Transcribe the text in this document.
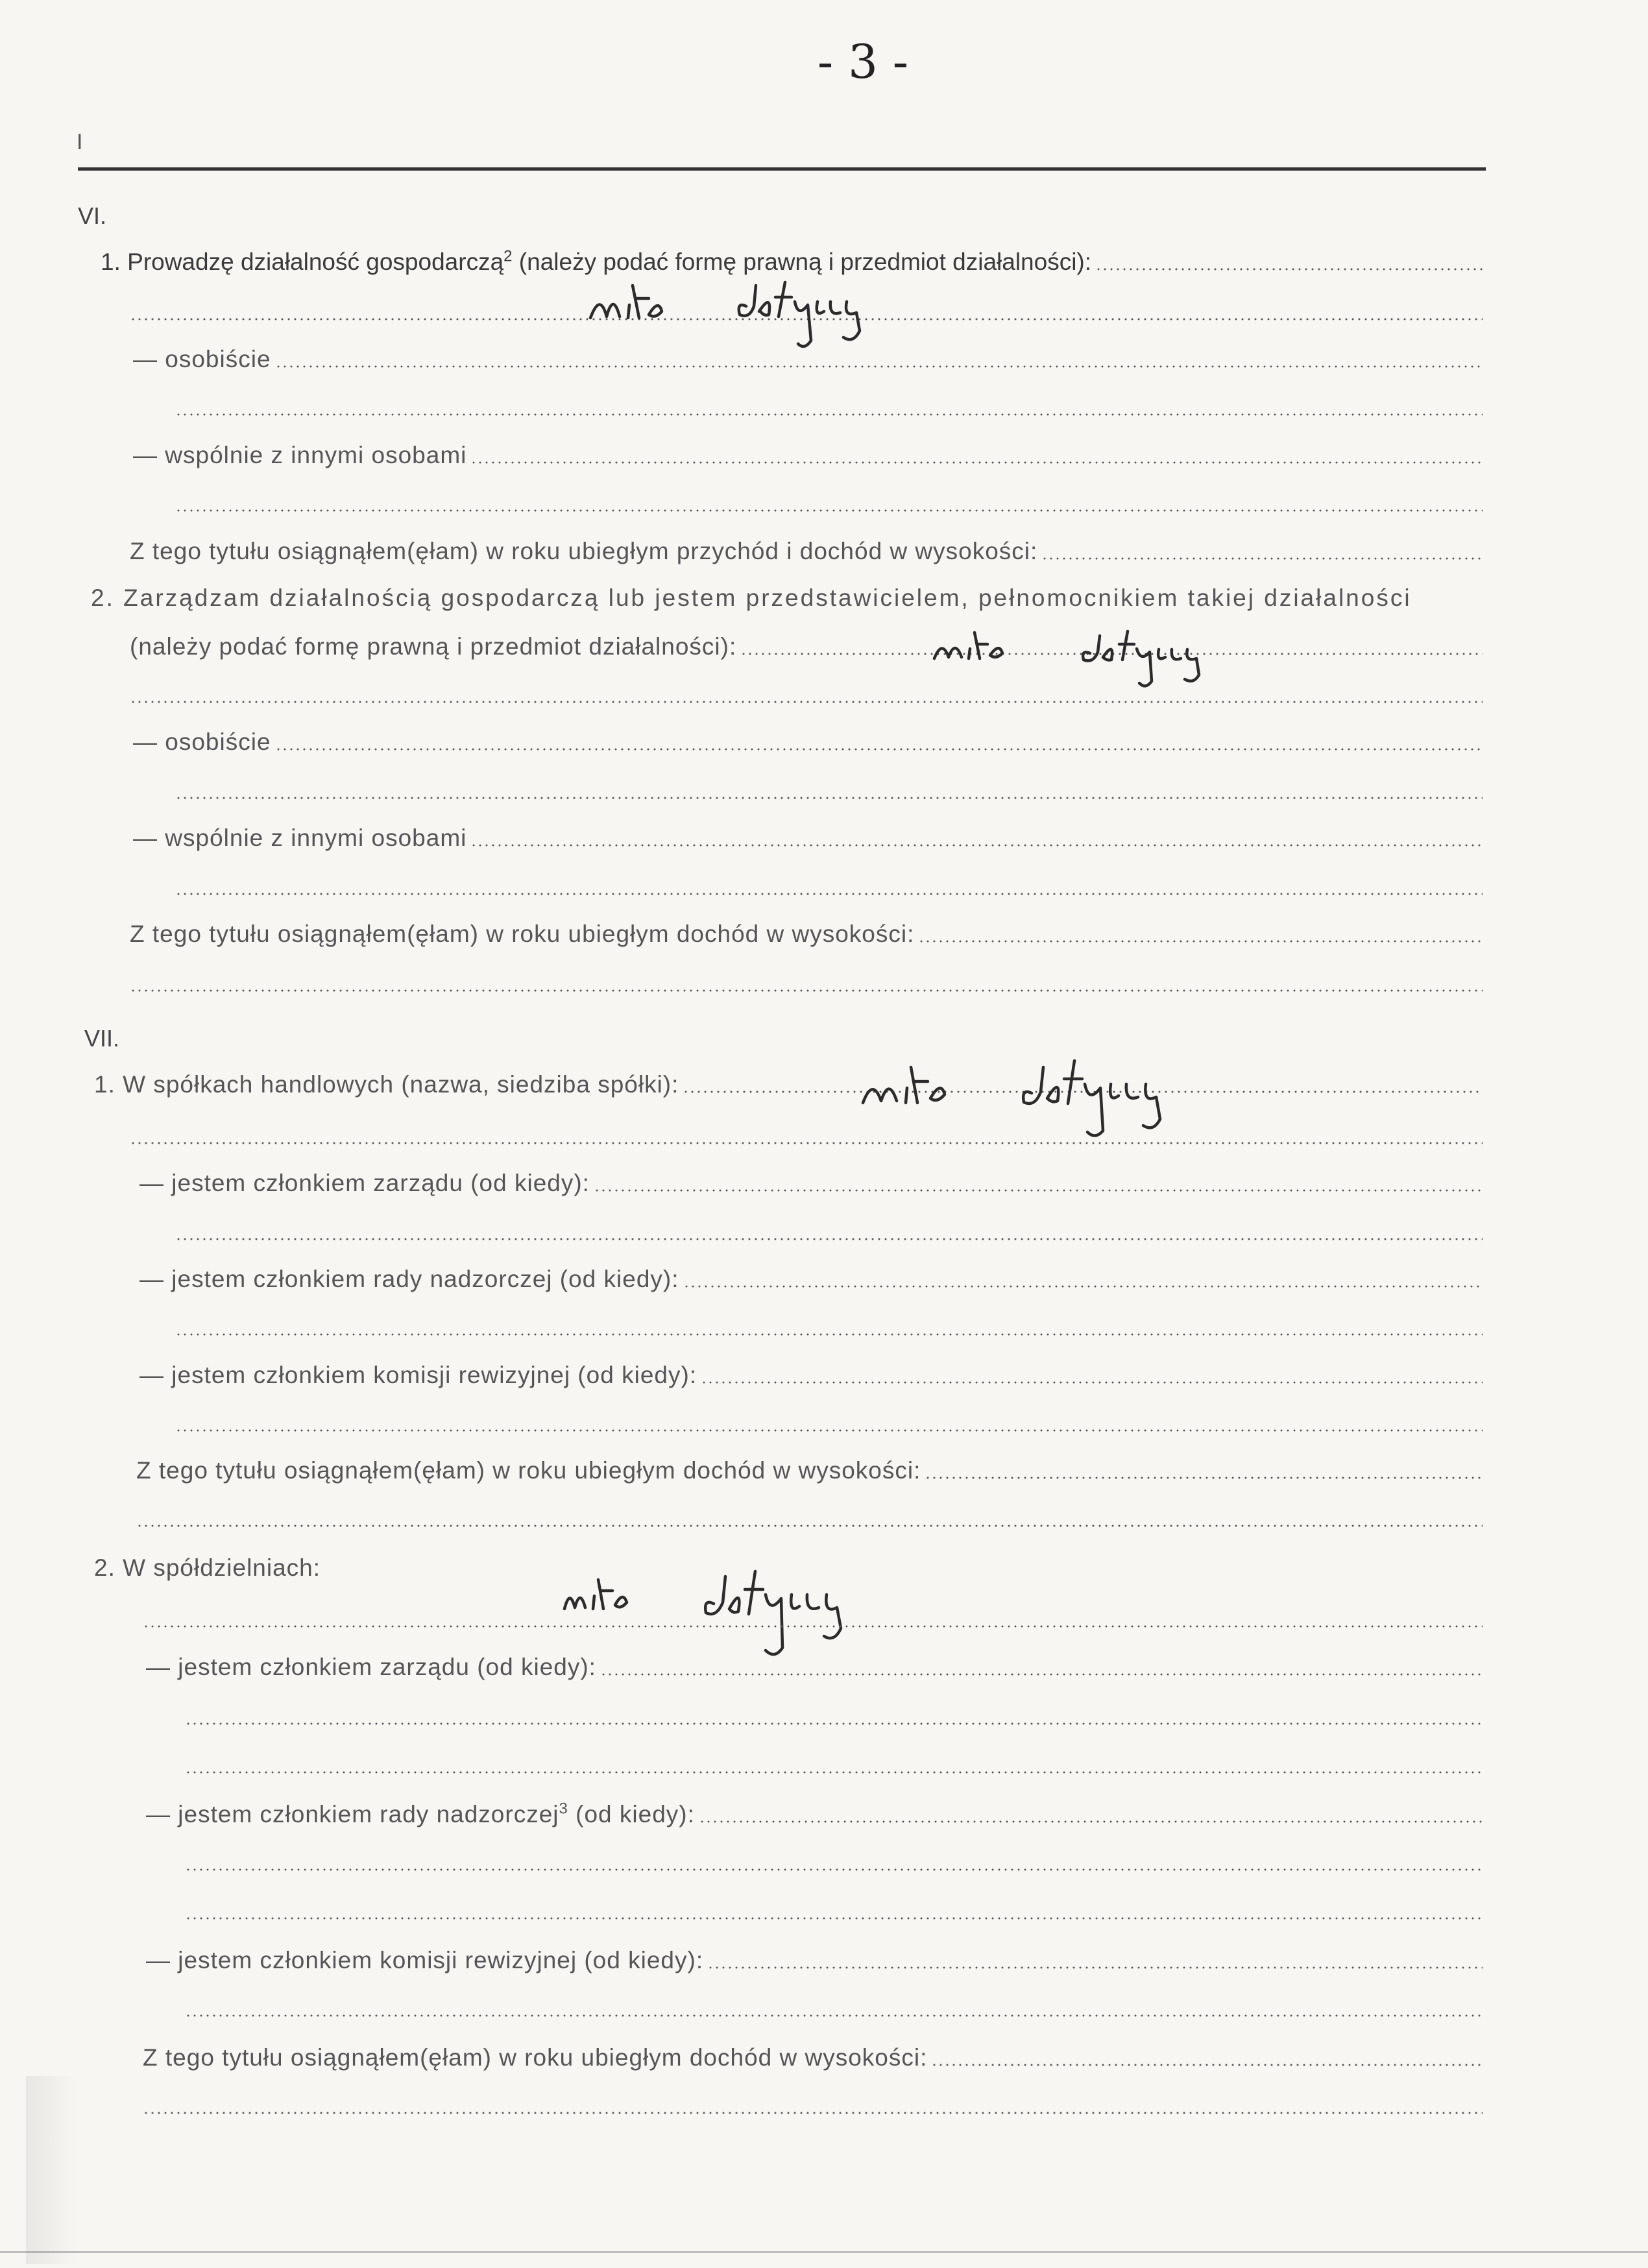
- 3 -
I
VI.
1. Prowadzę działalność gospodarczą$^2$ (należy podać formę prawną i przedmiot działalności):
— osobiście
— wspólnie z innymi osobami
Z tego tytułu osiągnąłem(ęłam) w roku ubiegłym przychód i dochód w wysokości:
2. Zarządzam działalnością gospodarczą lub jestem przedstawicielem, pełnomocnikiem takiej działalności
(należy podać formę prawną i przedmiot działalności):
— osobiście
— wspólnie z innymi osobami
Z tego tytułu osiągnąłem(ęłam) w roku ubiegłym dochód w wysokości:
VII.
1. W spółkach handlowych (nazwa, siedziba spółki):
— jestem członkiem zarządu (od kiedy):
— jestem członkiem rady nadzorczej (od kiedy):
— jestem członkiem komisji rewizyjnej (od kiedy):
Z tego tytułu osiągnąłem(ęłam) w roku ubiegłym dochód w wysokości:
2. W spółdzielniach:
— jestem członkiem zarządu (od kiedy):
— jestem członkiem rady nadzorczej$^3$ (od kiedy):
— jestem członkiem komisji rewizyjnej (od kiedy):
Z tego tytułu osiągnąłem(ęłam) w roku ubiegłym dochód w wysokości:
